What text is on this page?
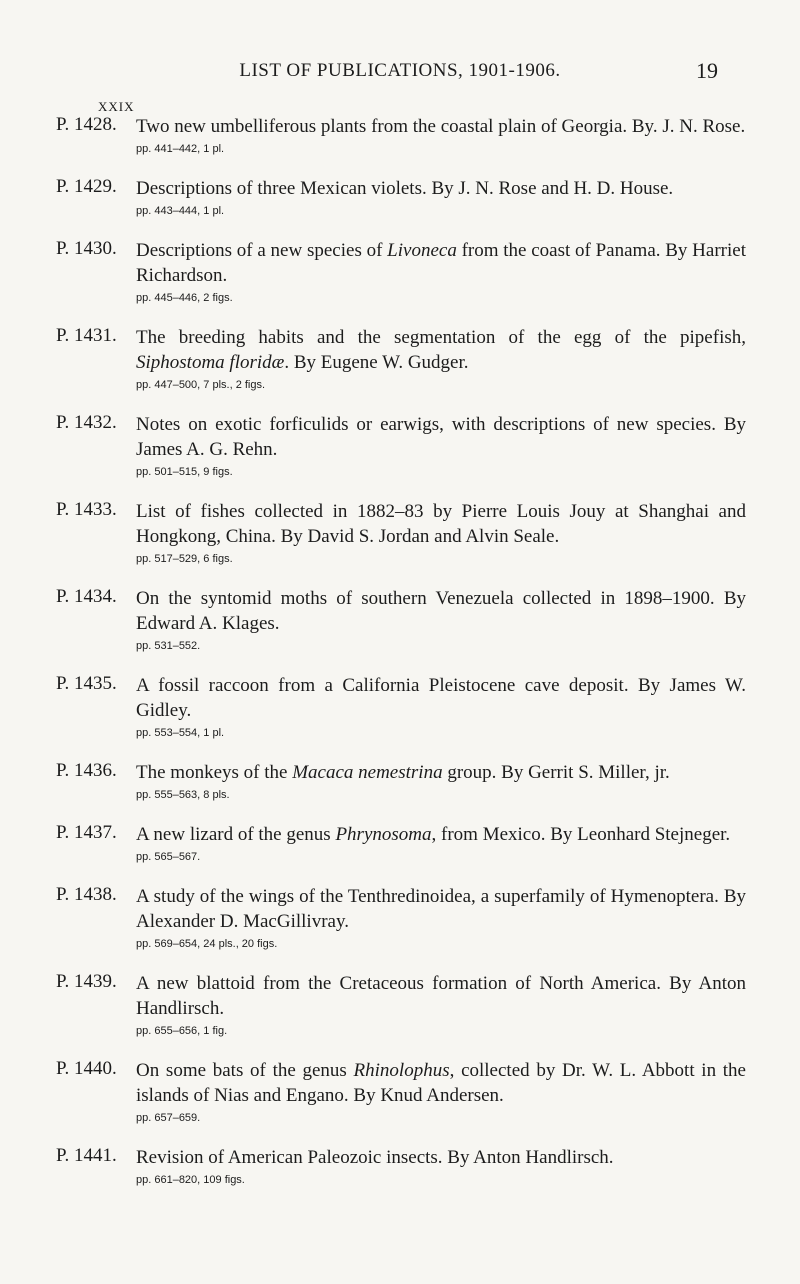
LIST OF PUBLICATIONS, 1901-1906.	19
XXIX
P. 1428. Two new umbelliferous plants from the coastal plain of Georgia. By. J. N. Rose.
pp. 441–442, 1 pl.
P. 1429. Descriptions of three Mexican violets. By J. N. Rose and H. D. House.
pp. 443–444, 1 pl.
P. 1430. Descriptions of a new species of Livoneca from the coast of Panama. By Harriet Richardson.
pp. 445–446, 2 figs.
P. 1431. The breeding habits and the segmentation of the egg of the pipefish, Siphostoma floridæ. By Eugene W. Gudger.
pp. 447–500, 7 pls., 2 figs.
P. 1432. Notes on exotic forficulids or earwigs, with descriptions of new species. By James A. G. Rehn.
pp. 501–515, 9 figs.
P. 1433. List of fishes collected in 1882–83 by Pierre Louis Jouy at Shanghai and Hongkong, China. By David S. Jordan and Alvin Seale.
pp. 517–529, 6 figs.
P. 1434. On the syntomid moths of southern Venezuela collected in 1898–1900. By Edward A. Klages.
pp. 531–552.
P. 1435. A fossil raccoon from a California Pleistocene cave deposit. By James W. Gidley.
pp. 553–554, 1 pl.
P. 1436. The monkeys of the Macaca nemestrina group. By Gerrit S. Miller, jr.
pp. 555–563, 8 pls.
P. 1437. A new lizard of the genus Phrynosoma, from Mexico. By Leonhard Stejneger.
pp. 565–567.
P. 1438. A study of the wings of the Tenthredinoidea, a superfamily of Hymenoptera. By Alexander D. MacGillivray.
pp. 569–654, 24 pls., 20 figs.
P. 1439. A new blattoid from the Cretaceous formation of North America. By Anton Handlirsch.
pp. 655–656, 1 fig.
P. 1440. On some bats of the genus Rhinolophus, collected by Dr. W. L. Abbott in the islands of Nias and Engano. By Knud Andersen.
pp. 657–659.
P. 1441. Revision of American Paleozoic insects. By Anton Handlirsch.
pp. 661–820, 109 figs.
